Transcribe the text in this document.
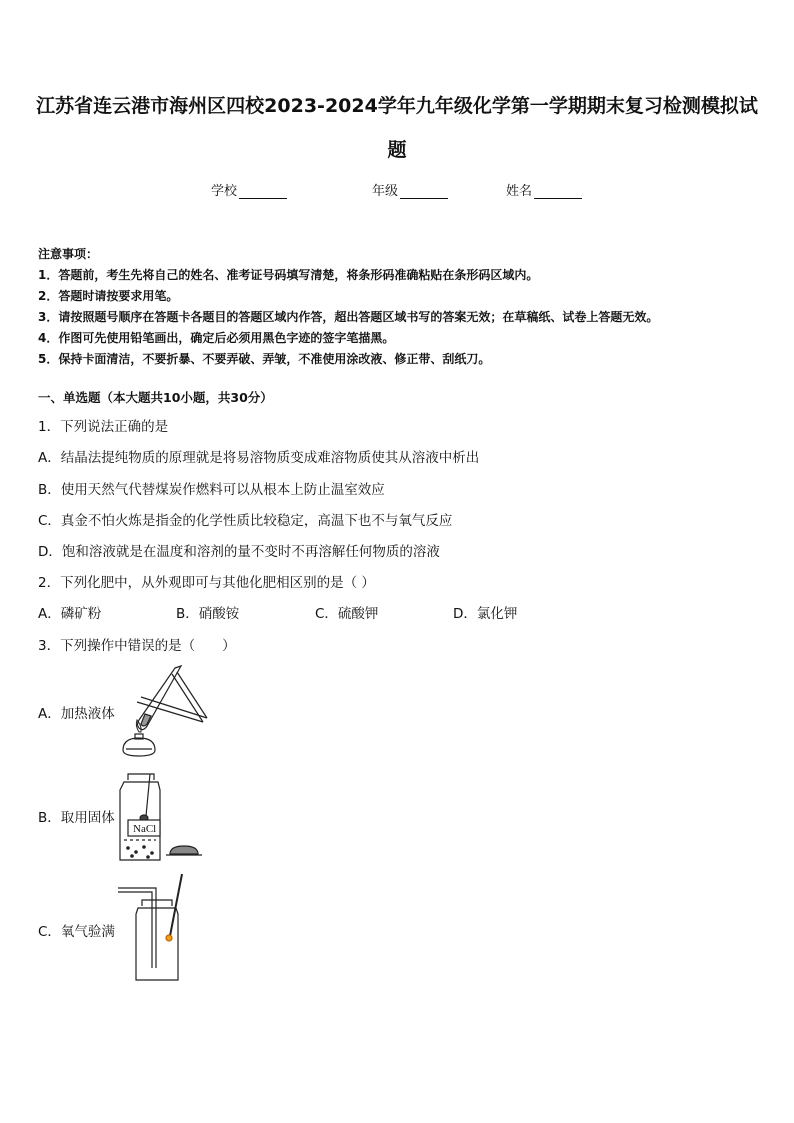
江苏省连云港市海州区四校2023-2024学年九年级化学第一学期期末复习检测模拟试
题
学校	年级	姓名
注意事项：
1．答题前，考生先将自己的姓名、准考证号码填写清楚，将条形码准确粘贴在条形码区域内。
2．答题时请按要求用笔。
3．请按照题号顺序在答题卡各题目的答题区域内作答，超出答题区域书写的答案无效；在草稿纸、试卷上答题无效。
4．作图可先使用铅笔画出，确定后必须用黑色字迹的签字笔描黑。
5．保持卡面清洁，不要折暴、不要弄破、弄皱，不准使用涂改液、修正带、刮纸刀。
一、单选题（本大题共10小题，共30分）
1．下列说法正确的是
A．结晶法提纯物质的原理就是将易溶物质变成难溶物质使其从溶液中析出
B．使用天然气代替煤炭作燃料可以从根本上防止温室效应
C．真金不怕火炼是指金的化学性质比较稳定，高温下也不与氧气反应
D．饱和溶液就是在温度和溶剂的量不变时不再溶解任何物质的溶液
2．下列化肥中，从外观即可与其他化肥相区别的是（ ）
A．磷矿粉	B．硝酸铵	C．硫酸钾	D．氯化钾
3．下列操作中错误的是（　　）
A．加热液体
B．取用固体
C．氧气验满
NaCl
